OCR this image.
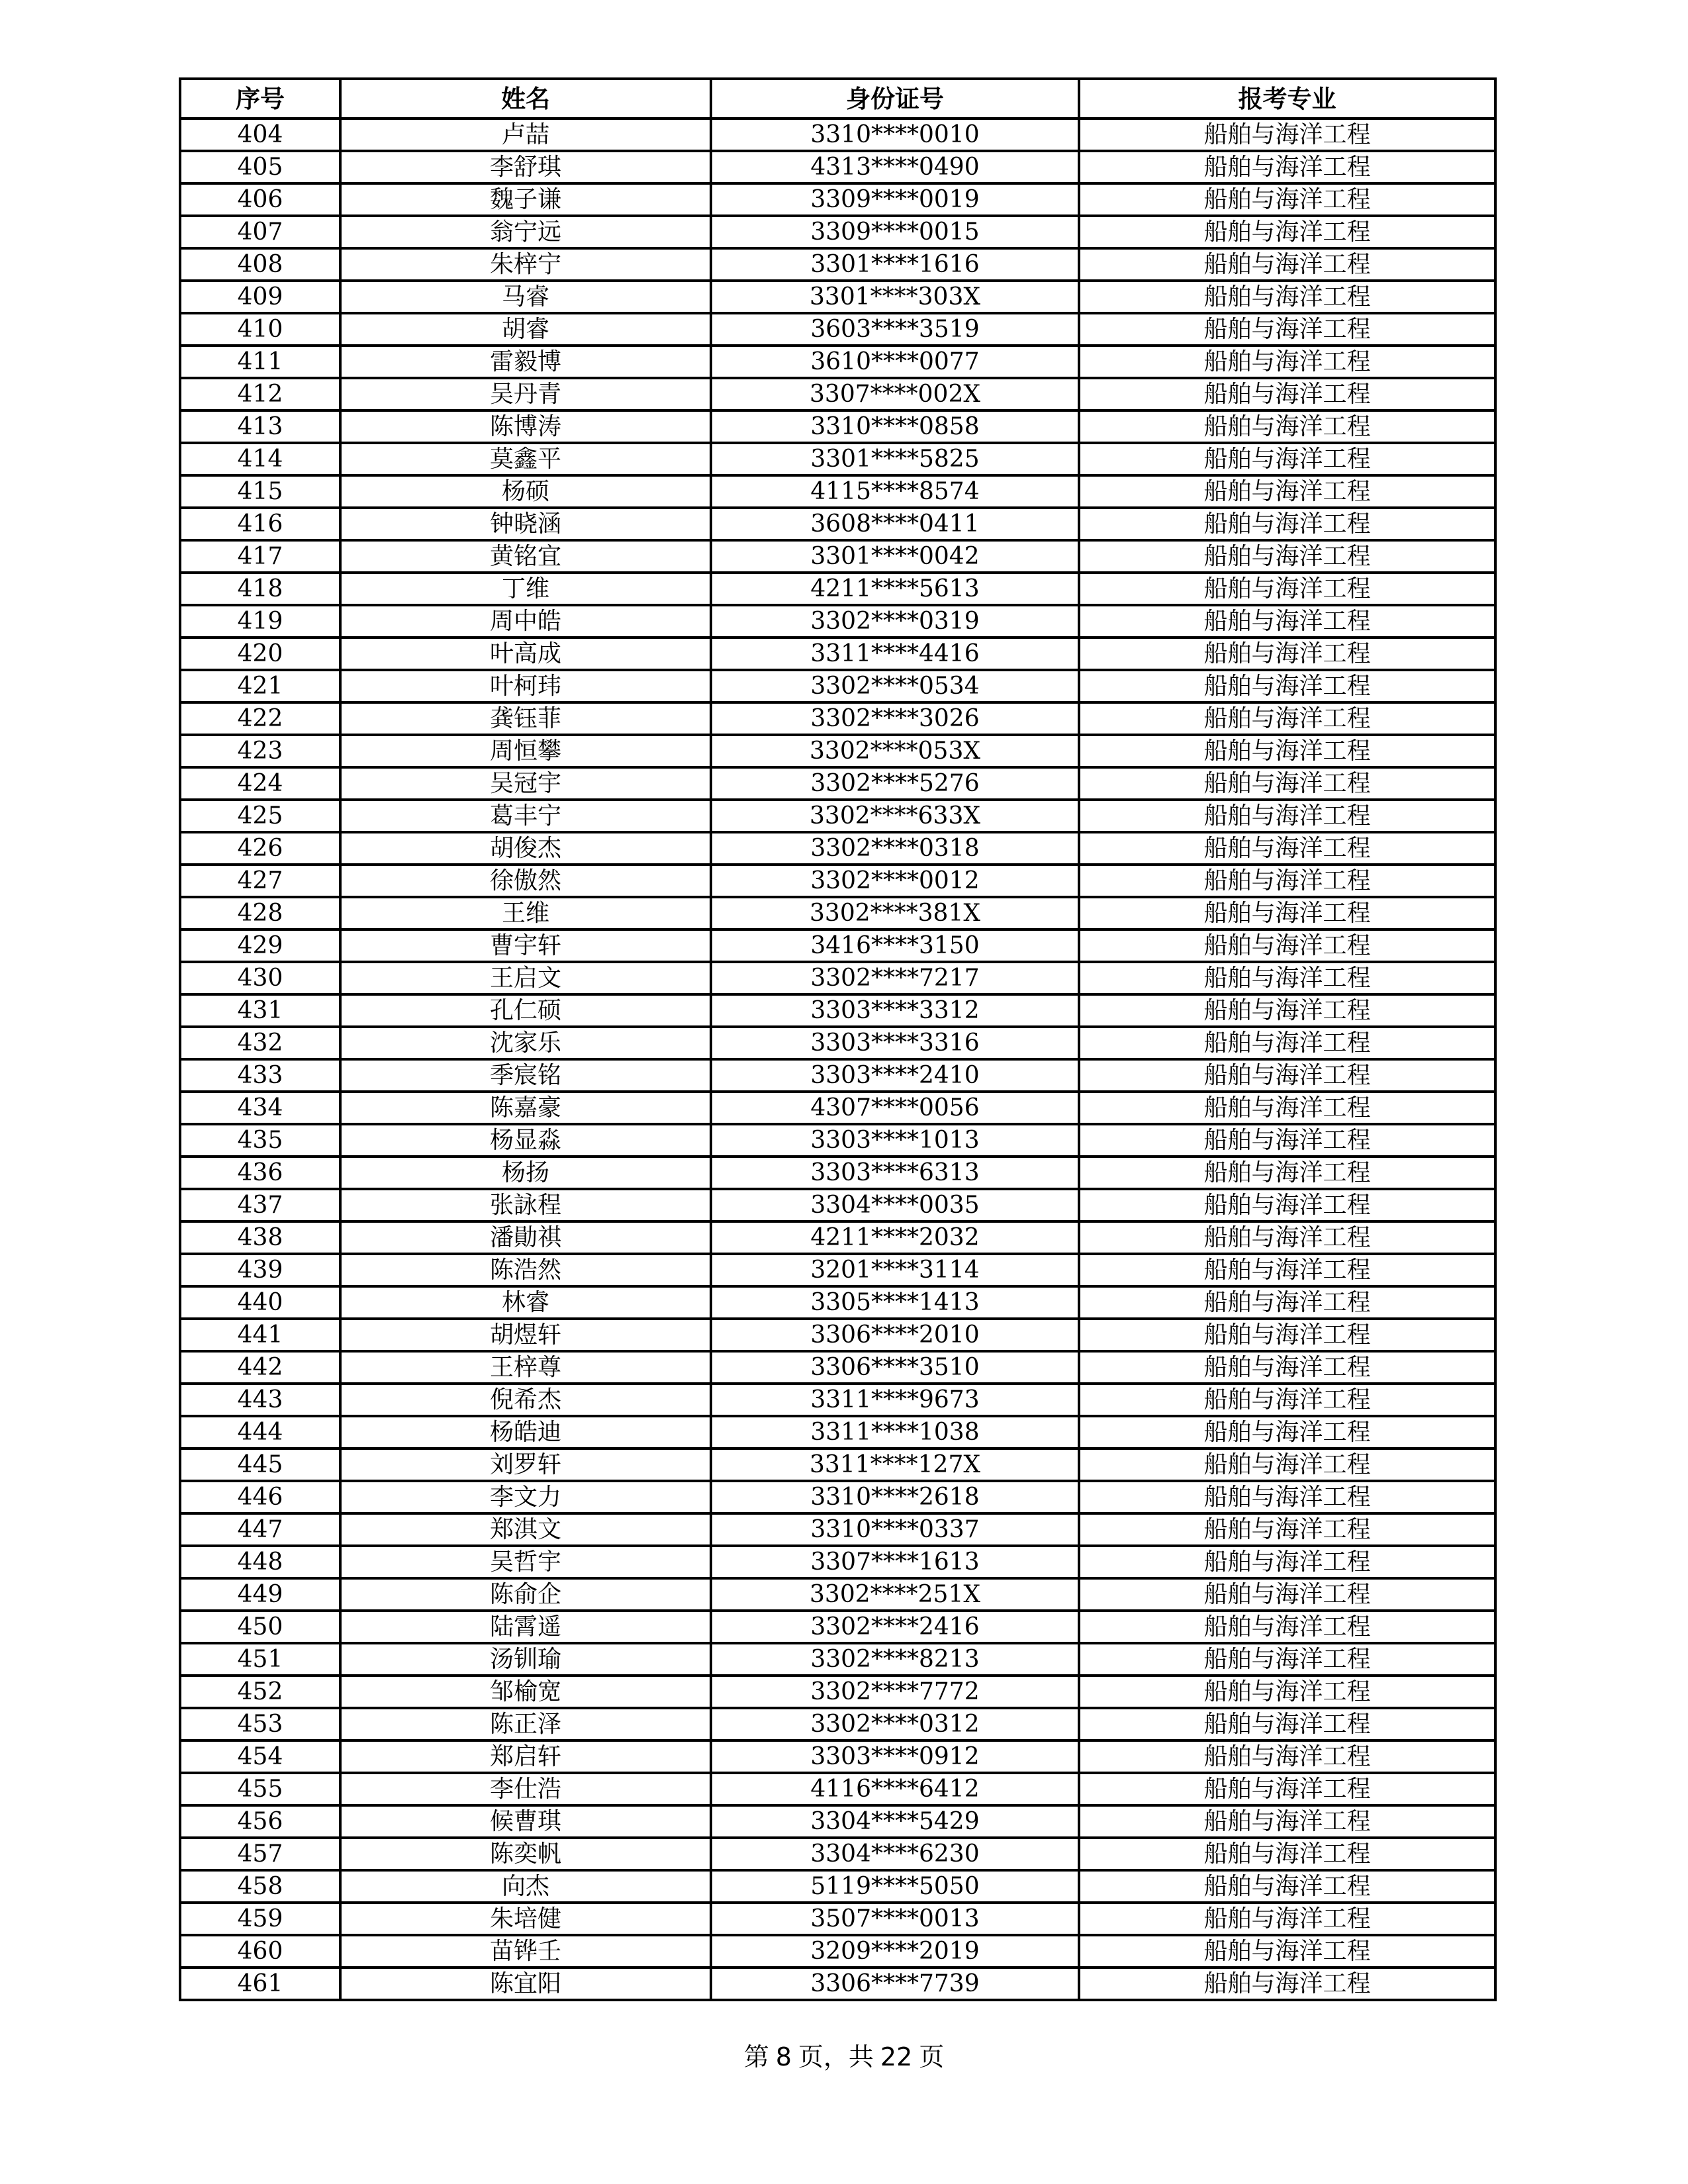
序号	姓名	身份证号	报考专业
404	卢喆	3310****0010	船舶与海洋工程
405	李舒琪	4313****0490	船舶与海洋工程
406	魏子谦	3309****0019	船舶与海洋工程
407	翁宁远	3309****0015	船舶与海洋工程
408	朱梓宁	3301****1616	船舶与海洋工程
409	马睿	3301****303X	船舶与海洋工程
410	胡睿	3603****3519	船舶与海洋工程
411	雷毅博	3610****0077	船舶与海洋工程
412	吴丹青	3307****002X	船舶与海洋工程
413	陈博涛	3310****0858	船舶与海洋工程
414	莫鑫平	3301****5825	船舶与海洋工程
415	杨硕	4115****8574	船舶与海洋工程
416	钟晓涵	3608****0411	船舶与海洋工程
417	黄铭宜	3301****0042	船舶与海洋工程
418	丁维	4211****5613	船舶与海洋工程
419	周中皓	3302****0319	船舶与海洋工程
420	叶高成	3311****4416	船舶与海洋工程
421	叶柯玮	3302****0534	船舶与海洋工程
422	龚钰菲	3302****3026	船舶与海洋工程
423	周恒攀	3302****053X	船舶与海洋工程
424	吴冠宇	3302****5276	船舶与海洋工程
425	葛丰宁	3302****633X	船舶与海洋工程
426	胡俊杰	3302****0318	船舶与海洋工程
427	徐傲然	3302****0012	船舶与海洋工程
428	王维	3302****381X	船舶与海洋工程
429	曹宇轩	3416****3150	船舶与海洋工程
430	王启文	3302****7217	船舶与海洋工程
431	孔仁硕	3303****3312	船舶与海洋工程
432	沈家乐	3303****3316	船舶与海洋工程
433	季宸铭	3303****2410	船舶与海洋工程
434	陈嘉豪	4307****0056	船舶与海洋工程
435	杨显淼	3303****1013	船舶与海洋工程
436	杨扬	3303****6313	船舶与海洋工程
437	张詠程	3304****0035	船舶与海洋工程
438	潘勛祺	4211****2032	船舶与海洋工程
439	陈浩然	3201****3114	船舶与海洋工程
440	林睿	3305****1413	船舶与海洋工程
441	胡煜轩	3306****2010	船舶与海洋工程
442	王梓尊	3306****3510	船舶与海洋工程
443	倪希杰	3311****9673	船舶与海洋工程
444	杨皓迪	3311****1038	船舶与海洋工程
445	刘罗轩	3311****127X	船舶与海洋工程
446	李文力	3310****2618	船舶与海洋工程
447	郑淇文	3310****0337	船舶与海洋工程
448	吴哲宇	3307****1613	船舶与海洋工程
449	陈俞企	3302****251X	船舶与海洋工程
450	陆霄遥	3302****2416	船舶与海洋工程
451	汤钏瑜	3302****8213	船舶与海洋工程
452	邹榆宽	3302****7772	船舶与海洋工程
453	陈正泽	3302****0312	船舶与海洋工程
454	郑启轩	3303****0912	船舶与海洋工程
455	李仕浩	4116****6412	船舶与海洋工程
456	候曹琪	3304****5429	船舶与海洋工程
457	陈奕帆	3304****6230	船舶与海洋工程
458	向杰	5119****5050	船舶与海洋工程
459	朱培健	3507****0013	船舶与海洋工程
460	苗铧壬	3209****2019	船舶与海洋工程
461	陈宜阳	3306****7739	船舶与海洋工程
第 8 页，共 22 页
